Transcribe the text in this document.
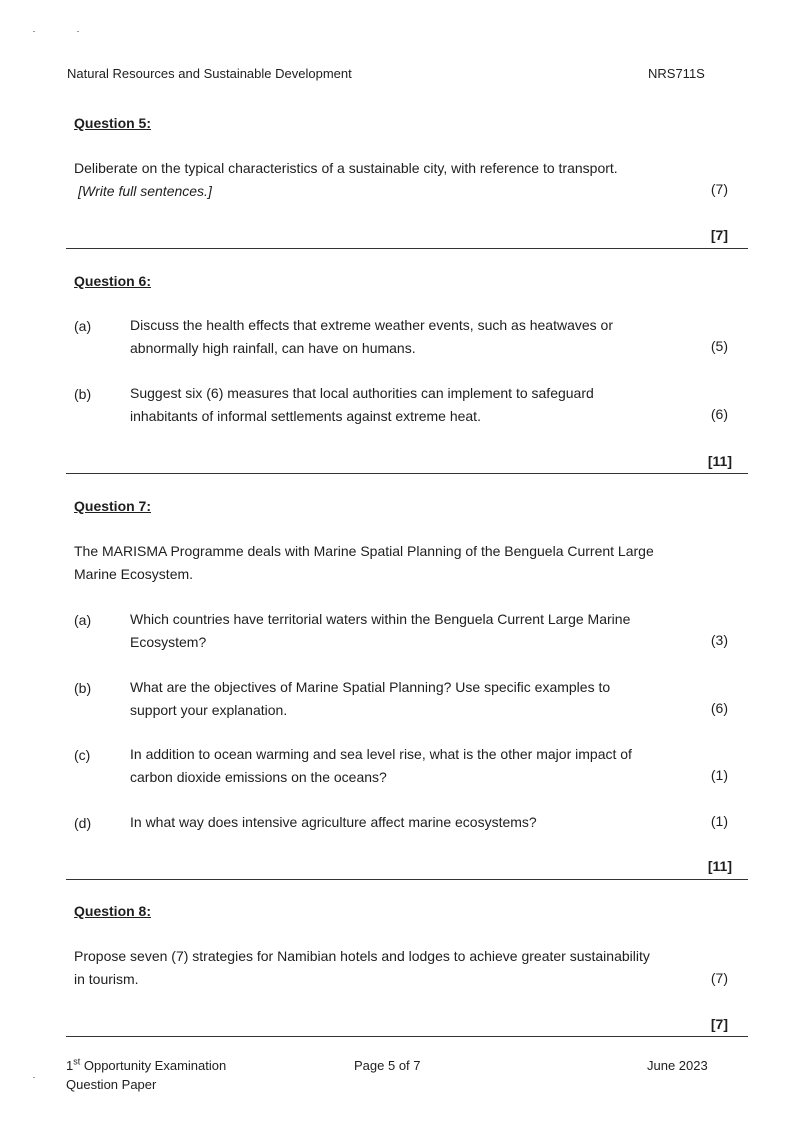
Natural Resources and Sustainable Development	NRS711S
Question 5:
Deliberate on the typical characteristics of a sustainable city, with reference to transport.
[Write full sentences.]	(7)
[7]
Question 6:
(a)	Discuss the health effects that extreme weather events, such as heatwaves or
abnormally high rainfall, can have on humans.	(5)
(b)	Suggest six (6) measures that local authorities can implement to safeguard
inhabitants of informal settlements against extreme heat.	(6)
[11]
Question 7:
The MARISMA Programme deals with Marine Spatial Planning of the Benguela Current Large
Marine Ecosystem.
(a)	Which countries have territorial waters within the Benguela Current Large Marine
Ecosystem?	(3)
(b)	What are the objectives of Marine Spatial Planning? Use specific examples to
support your explanation.	(6)
(c)	In addition to ocean warming and sea level rise, what is the other major impact of
carbon dioxide emissions on the oceans?	(1)
(d)	In what way does intensive agriculture affect marine ecosystems?	(1)
[11]
Question 8:
Propose seven (7) strategies for Namibian hotels and lodges to achieve greater sustainability
in tourism.	(7)
[7]
1st Opportunity Examination
Question Paper
Page 5 of 7	June 2023
